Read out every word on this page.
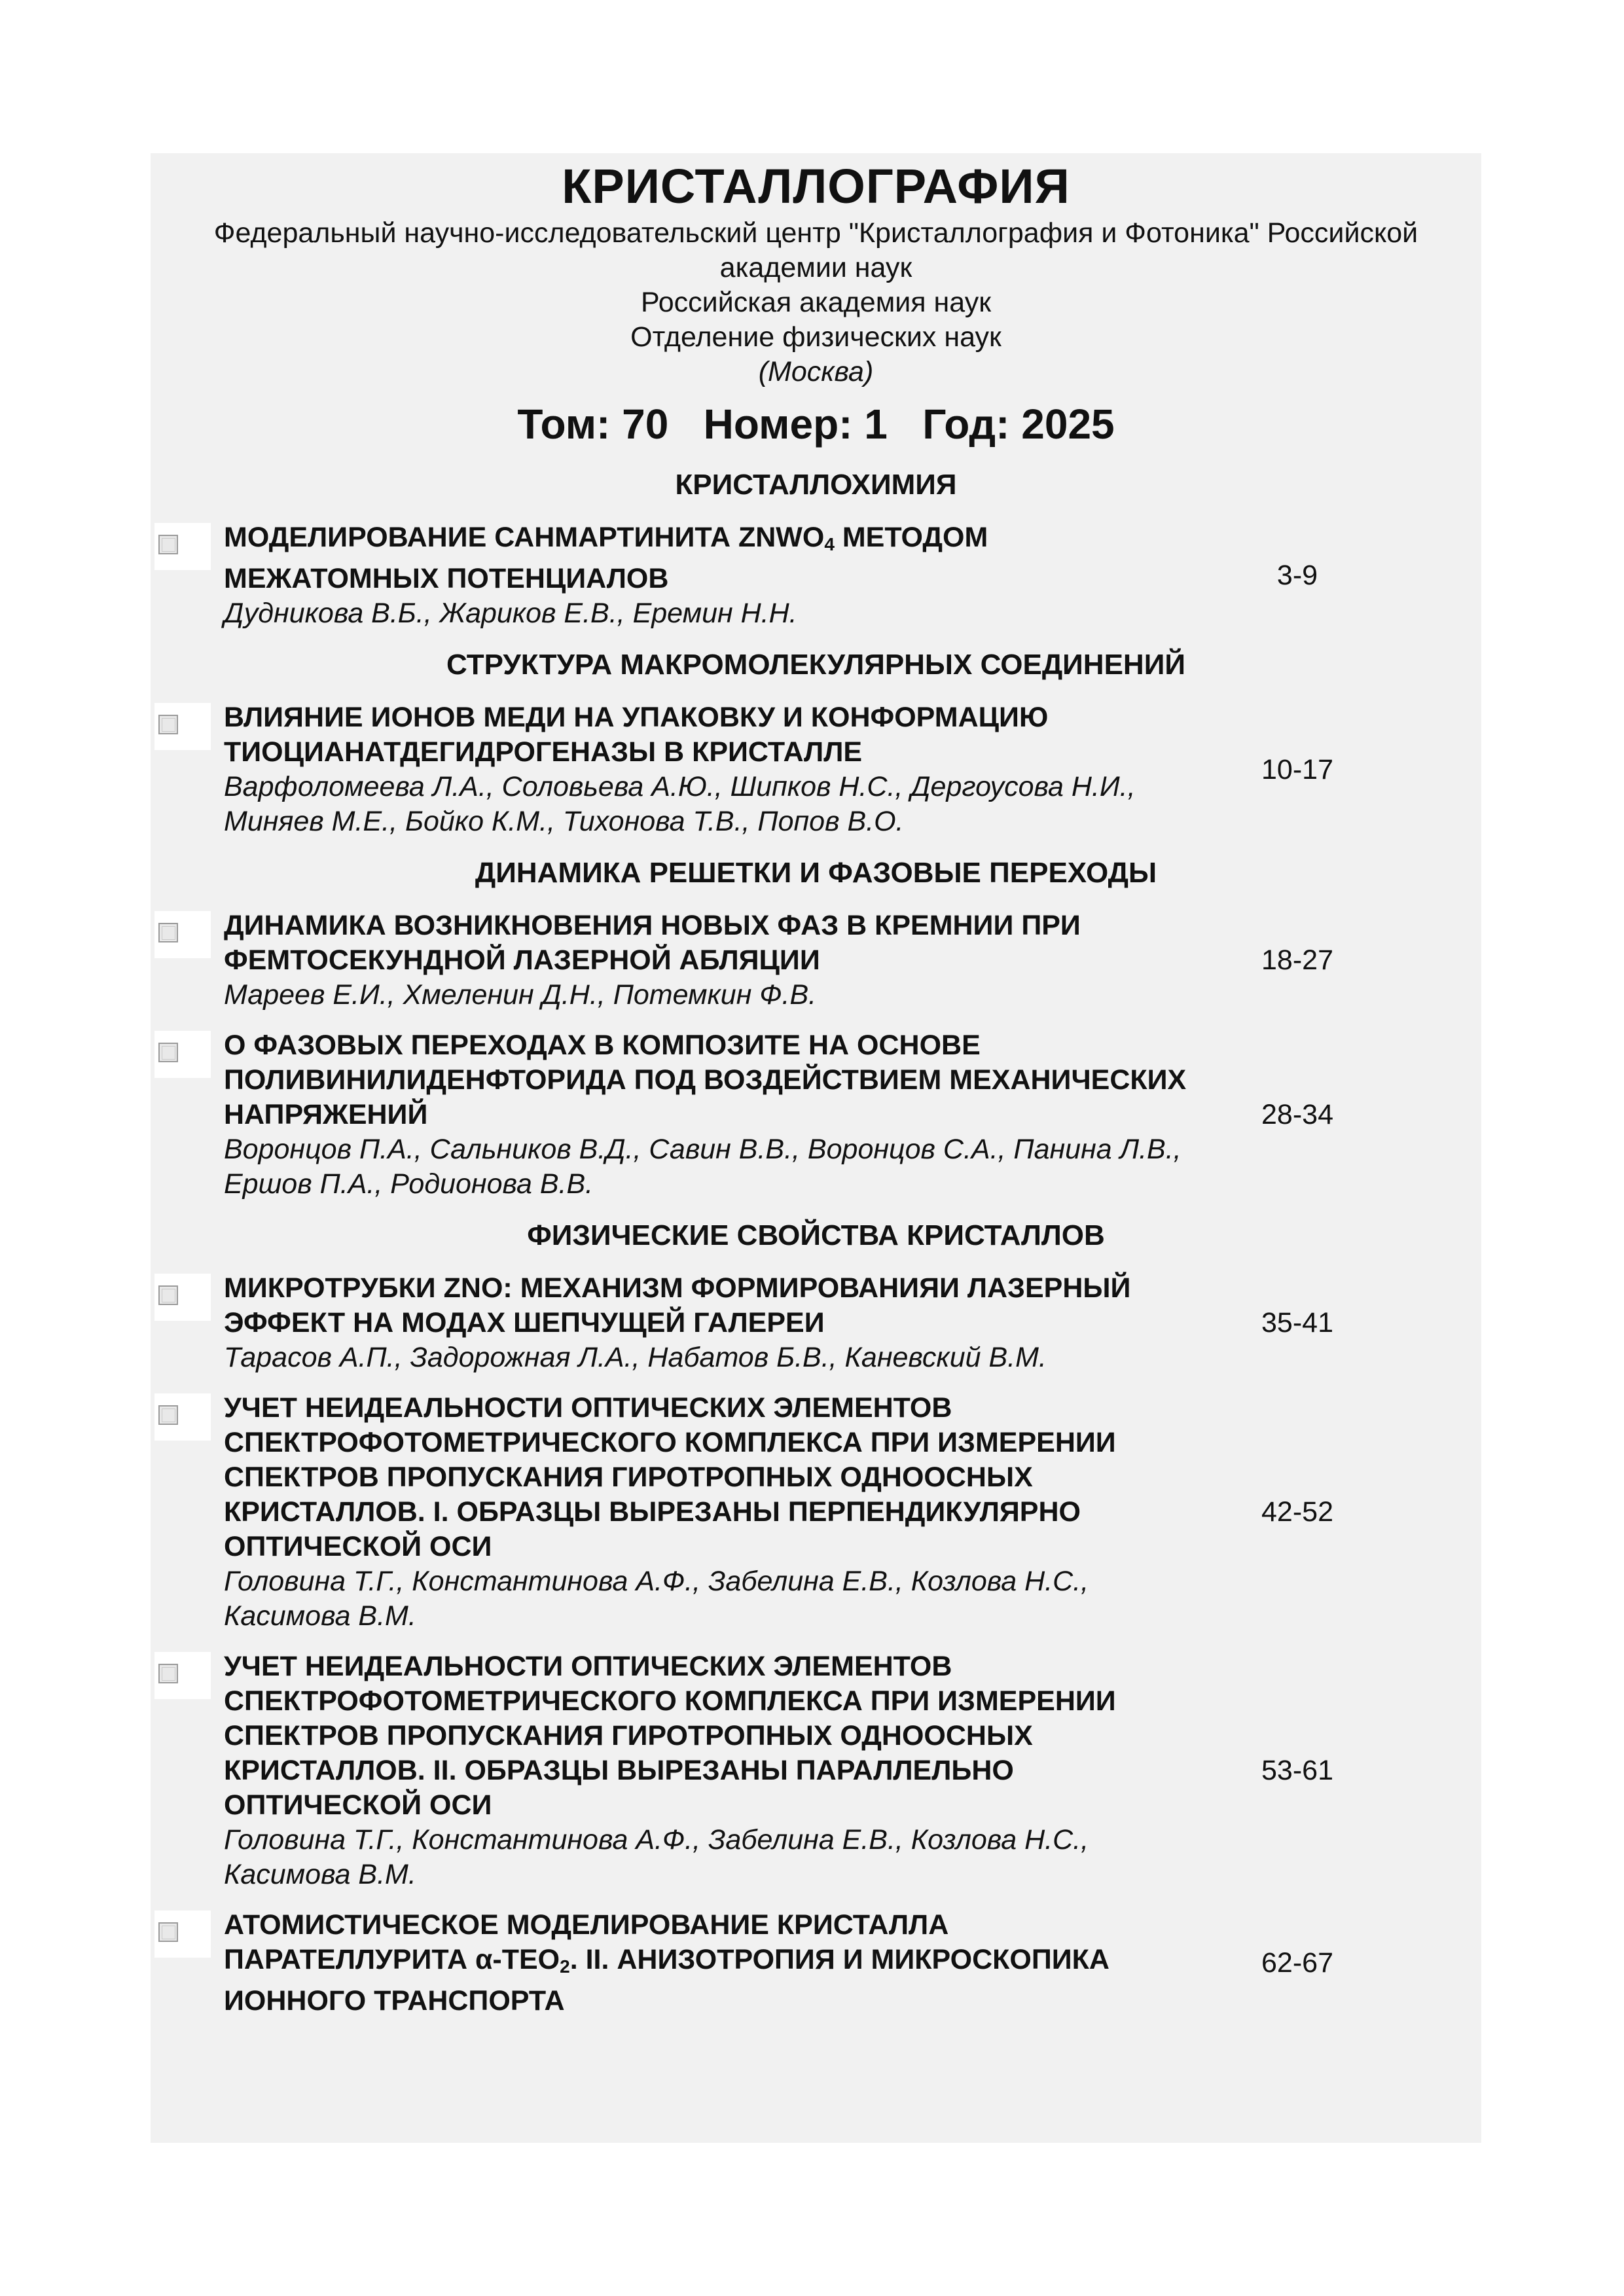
КРИСТАЛЛОГРАФИЯ
Федеральный научно-исследовательский центр "Кристаллография и Фотоника" Российской
академии наук
Российская академия наук
Отделение физических наук
(Москва)
Том: 70 Номер: 1 Год: 2025
КРИСТАЛЛОХИМИЯ
МОДЕЛИРОВАНИЕ САНМАРТИНИТА $ZNWO_4$ МЕТОДОМ МЕЖАТОМНЫХ ПОТЕНЦИАЛОВ
Дудникова В.Б., Жариков Е.В., Еремин Н.Н.
3-9
СТРУКТУРА МАКРОМОЛЕКУЛЯРНЫХ СОЕДИНЕНИЙ
ВЛИЯНИЕ ИОНОВ МЕДИ НА УПАКОВКУ И КОНФОРМАЦИЮ ТИОЦИАНАТДЕГИДРОГЕНАЗЫ В КРИСТАЛЛЕ
Варфоломеева Л.А., Соловьева А.Ю., Шипков Н.С., Дергоусова Н.И., Миняев М.Е., Бойко К.М., Тихонова Т.В., Попов В.О.
10-17
ДИНАМИКА РЕШЕТКИ И ФАЗОВЫЕ ПЕРЕХОДЫ
ДИНАМИКА ВОЗНИКНОВЕНИЯ НОВЫХ ФАЗ В КРЕМНИИ ПРИ ФЕМТОСЕКУНДНОЙ ЛАЗЕРНОЙ АБЛЯЦИИ
Мареев Е.И., Хмеленин Д.Н., Потемкин Ф.В.
18-27
О ФАЗОВЫХ ПЕРЕХОДАХ В КОМПОЗИТЕ НА ОСНОВЕ ПОЛИВИНИЛИДЕНФТОРИДА ПОД ВОЗДЕЙСТВИЕМ МЕХАНИЧЕСКИХ НАПРЯЖЕНИЙ
Воронцов П.А., Сальников В.Д., Савин В.В., Воронцов С.А., Панина Л.В., Ершов П.А., Родионова В.В.
28-34
ФИЗИЧЕСКИЕ СВОЙСТВА КРИСТАЛЛОВ
МИКРОТРУБКИ ZNO: МЕХАНИЗМ ФОРМИРОВАНИЯИ ЛАЗЕРНЫЙ ЭФФЕКТ НА МОДАХ ШЕПЧУЩЕЙ ГАЛЕРЕИ
Тарасов А.П., Задорожная Л.А., Набатов Б.В., Каневский В.М.
35-41
УЧЕТ НЕИДЕАЛЬНОСТИ ОПТИЧЕСКИХ ЭЛЕМЕНТОВ СПЕКТРОФОТОМЕТРИЧЕСКОГО КОМПЛЕКСА ПРИ ИЗМЕРЕНИИ СПЕКТРОВ ПРОПУСКАНИЯ ГИРОТРОПНЫХ ОДНООСНЫХ КРИСТАЛЛОВ. I. ОБРАЗЦЫ ВЫРЕЗАНЫ ПЕРПЕНДИКУЛЯРНО ОПТИЧЕСКОЙ ОСИ
Головина Т.Г., Константинова А.Ф., Забелина Е.В., Козлова Н.С., Касимова В.М.
42-52
УЧЕТ НЕИДЕАЛЬНОСТИ ОПТИЧЕСКИХ ЭЛЕМЕНТОВ СПЕКТРОФОТОМЕТРИЧЕСКОГО КОМПЛЕКСА ПРИ ИЗМЕРЕНИИ СПЕКТРОВ ПРОПУСКАНИЯ ГИРОТРОПНЫХ ОДНООСНЫХ КРИСТАЛЛОВ. II. ОБРАЗЦЫ ВЫРЕЗАНЫ ПАРАЛЛЕЛЬНО ОПТИЧЕСКОЙ ОСИ
Головина Т.Г., Константинова А.Ф., Забелина Е.В., Козлова Н.С., Касимова В.М.
53-61
АТОМИСТИЧЕСКОЕ МОДЕЛИРОВАНИЕ КРИСТАЛЛА ПАРАТЕЛЛУРИТА $\alpha-TEO_2$. II. АНИЗОТРОПИЯ И МИКРОСКОПИКА ИОННОГО ТРАНСПОРТА
62-67
